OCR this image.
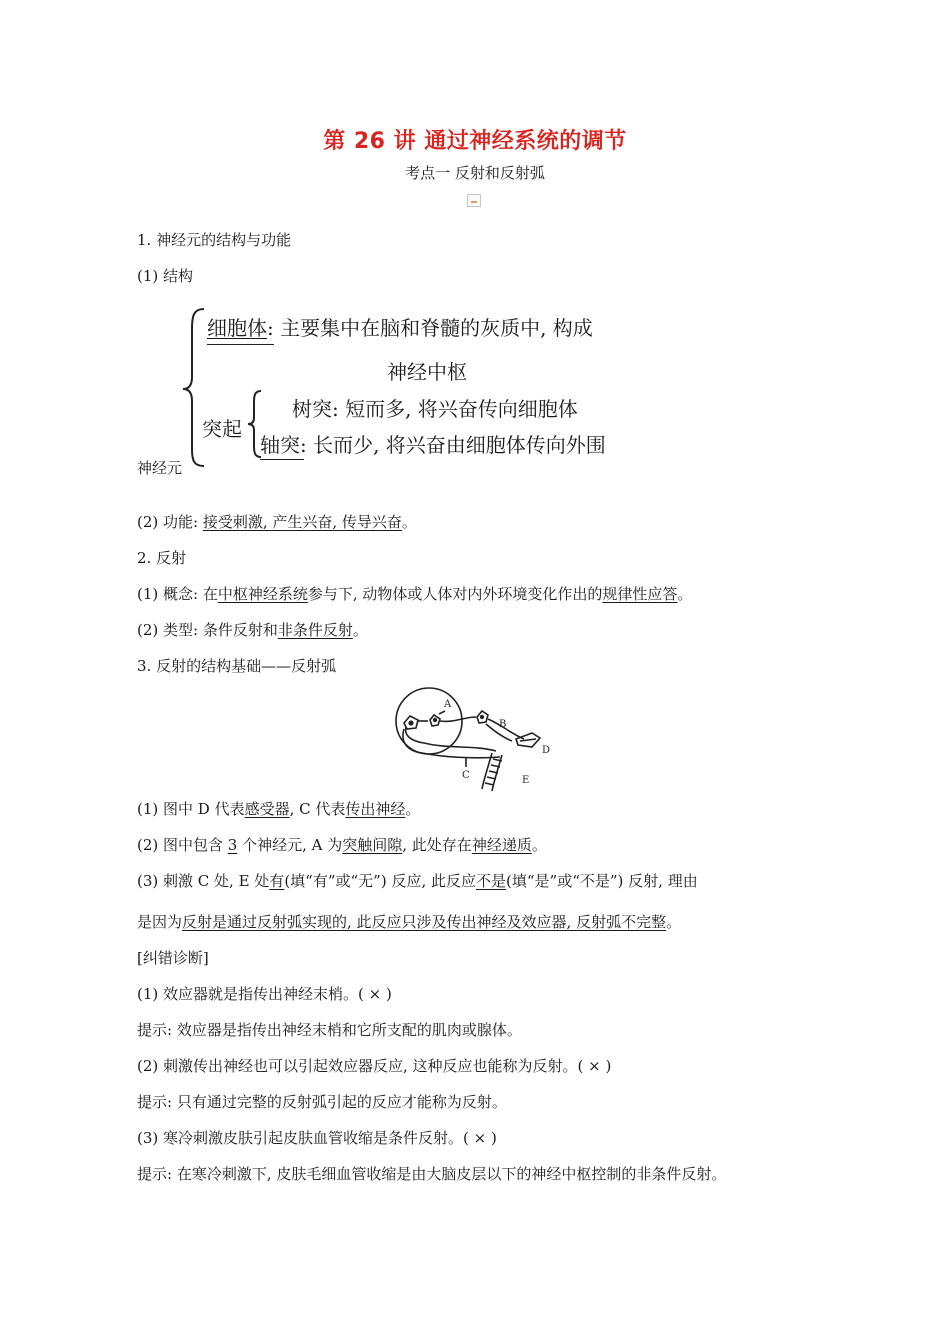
第 26 讲 通过神经系统的调节
考点一 反射和反射弧
1. 神经元的结构与功能
(1) 结构
细胞体: 主要集中在脑和脊髓的灰质中, 构成
神经中枢
突起
树突: 短而多, 将兴奋传向细胞体
轴突: 长而少, 将兴奋由细胞体传向外围
神经元
(2) 功能: 接受刺激, 产生兴奋, 传导兴奋。
2. 反射
(1) 概念: 在中枢神经系统参与下, 动物体或人体对内外环境变化作出的规律性应答。
(2) 类型: 条件反射和非条件反射。
3. 反射的结构基础——反射弧
A
B
C
D
E
(1) 图中 D 代表感受器, C 代表传出神经。
(2) 图中包含 3 个神经元, A 为突触间隙, 此处存在神经递质。
(3) 刺激 C 处, E 处有(填“有”或“无”) 反应, 此反应不是(填“是”或“不是”) 反射, 理由
是因为反射是通过反射弧实现的, 此反应只涉及传出神经及效应器, 反射弧不完整。
[纠错诊断]
(1) 效应器就是指传出神经末梢。( × )
提示: 效应器是指传出神经末梢和它所支配的肌肉或腺体。
(2) 刺激传出神经也可以引起效应器反应, 这种反应也能称为反射。( × )
提示: 只有通过完整的反射弧引起的反应才能称为反射。
(3) 寒冷刺激皮肤引起皮肤血管收缩是条件反射。( × )
提示: 在寒冷刺激下, 皮肤毛细血管收缩是由大脑皮层以下的神经中枢控制的非条件反射。
